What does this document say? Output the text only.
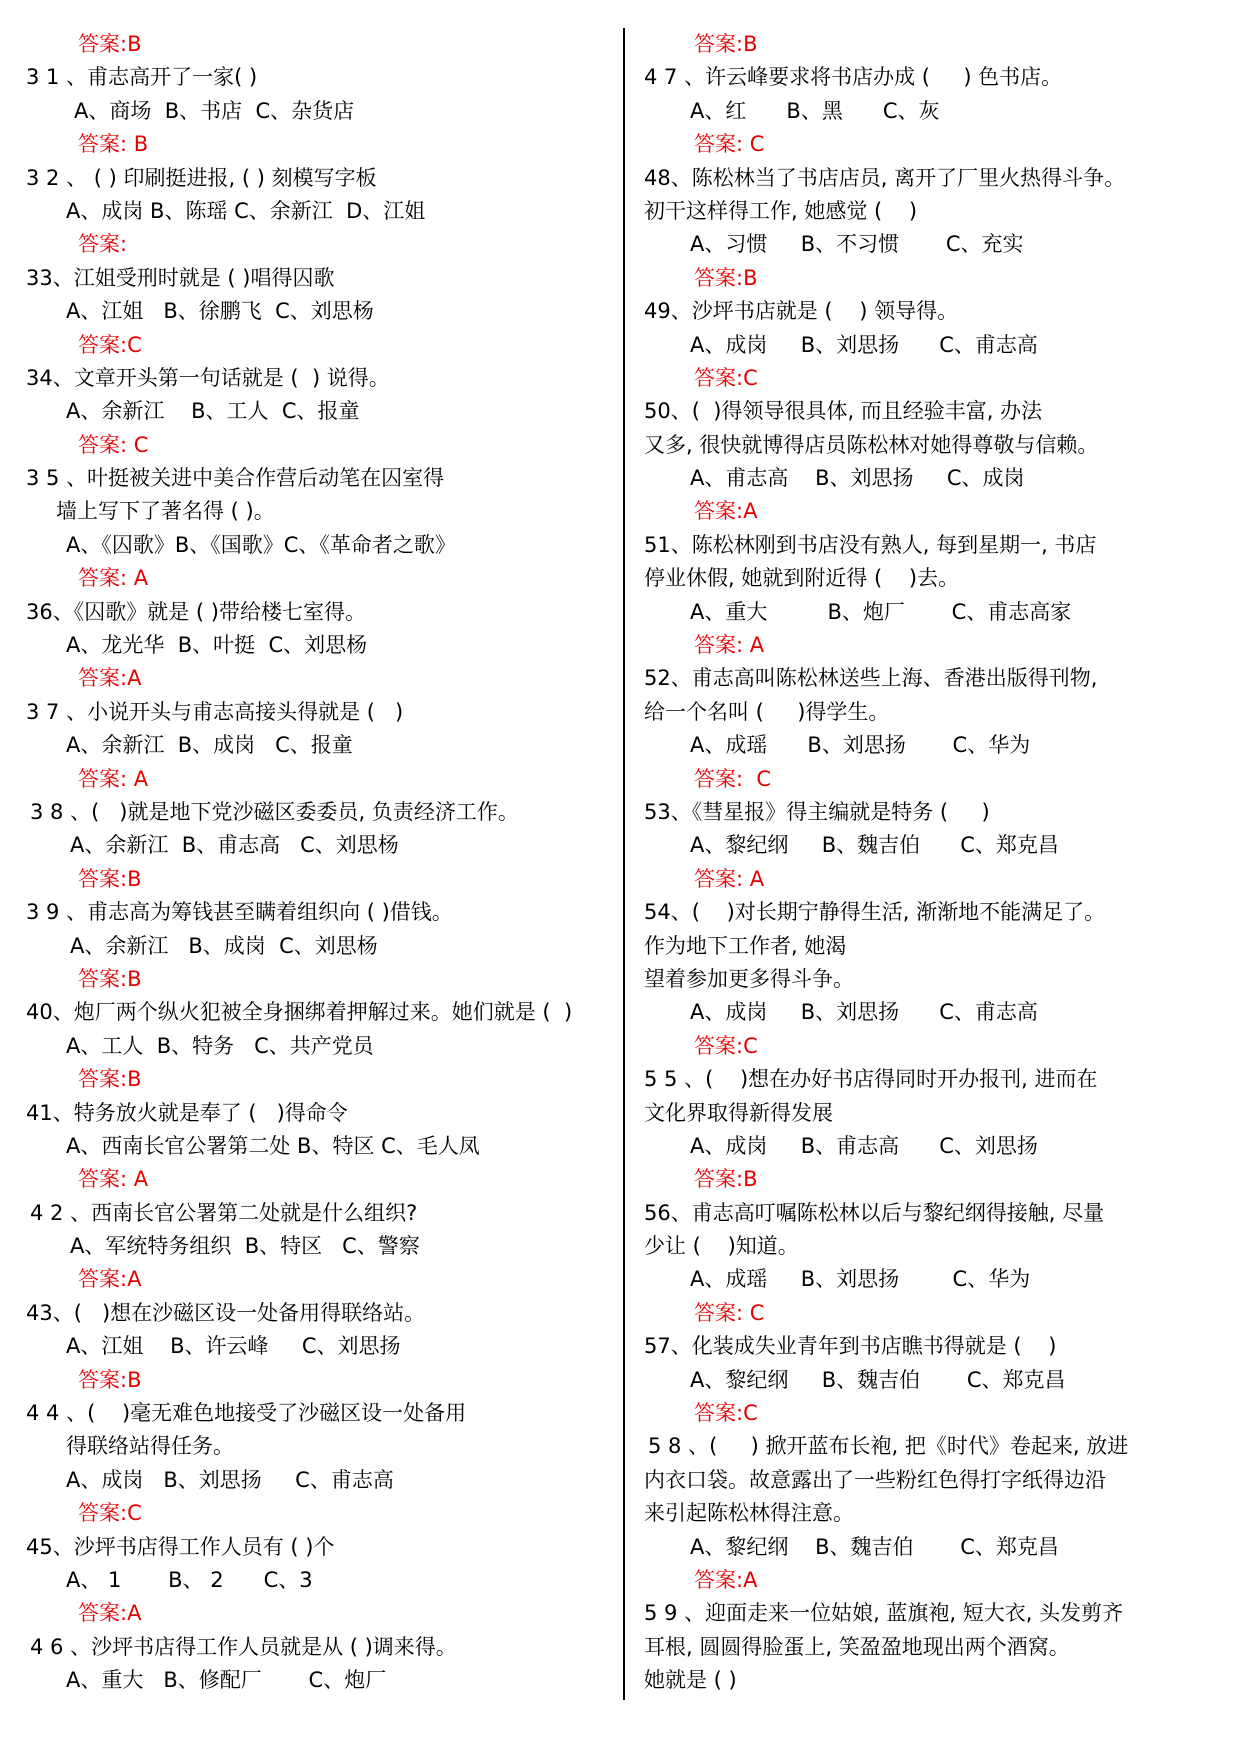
答案:B
3 1 、甫志高开了一家( )
A、商场  B、书店  C、杂货店
答案: B
3 2 、 ( ) 印刷挺进报, ( ) 刻模写字板
A、成岗 B、陈瑶 C、余新江  D、江姐
答案:
33、江姐受刑时就是 ( )唱得囚歌
A、江姐   B、徐鹏飞  C、刘思杨
答案:C
34、文章开头第一句话就是 (  ) 说得。
A、余新江    B、工人  C、报童
答案: C
3 5 、叶挺被关进中美合作营后动笔在囚室得
墙上写下了著名得 ( )。
A、《囚歌》B、《国歌》C、《革命者之歌》
答案: A
36、《囚歌》就是 ( )带给楼七室得。
A、龙光华  B、叶挺  C、刘思杨
答案:A
3 7 、小说开头与甫志高接头得就是 (   )
A、余新江  B、成岗   C、报童
答案: A
3 8 、(   )就是地下党沙磁区委委员, 负责经济工作。
A、余新江  B、甫志高   C、刘思杨
答案:B
3 9 、甫志高为筹钱甚至瞒着组织向 ( )借钱。
A、余新江   B、成岗  C、刘思杨
答案:B
40、炮厂两个纵火犯被全身捆绑着押解过来。她们就是 (  )
A、工人  B、特务   C、共产党员
答案:B
41、特务放火就是奉了 (   )得命令
A、西南长官公署第二处 B、特区 C、毛人凤
答案: A
4 2 、西南长官公署第二处就是什么组织?
A、军统特务组织  B、特区   C、警察
答案:A
43、(   )想在沙磁区设一处备用得联络站。
A、江姐    B、许云峰     C、刘思扬
答案:B
4 4 、(    )毫无难色地接受了沙磁区设一处备用
得联络站得任务。
A、成岗   B、刘思扬     C、甫志高
答案:C
45、沙坪书店得工作人员有 ( )个
A、 1       B、 2      C、3
答案:A
4 6 、沙坪书店得工作人员就是从 ( )调来得。
A、重大   B、修配厂       C、炮厂
答案:B
4 7 、许云峰要求将书店办成 (     ) 色书店。
A、红      B、黑      C、灰
答案: C
48、陈松林当了书店店员, 离开了厂里火热得斗争。
初干这样得工作, 她感觉 (    )
A、习惯     B、不习惯       C、充实
答案:B
49、沙坪书店就是 (    ) 领导得。
A、成岗     B、刘思扬      C、甫志高
答案:C
50、(  )得领导很具体, 而且经验丰富, 办法
又多, 很快就博得店员陈松林对她得尊敬与信赖。
A、甫志高    B、刘思扬     C、成岗
答案:A
51、陈松林刚到书店没有熟人, 每到星期一, 书店
停业休假, 她就到附近得 (    )去。
A、重大         B、炮厂       C、甫志高家
答案: A
52、甫志高叫陈松林送些上海、香港出版得刊物,
给一个名叫 (     )得学生。
A、成瑶      B、刘思扬       C、华为
答案:  C
53、《彗星报》得主编就是特务 (     )
A、黎纪纲     B、魏吉伯      C、郑克昌
答案: A
54、(    )对长期宁静得生活, 渐渐地不能满足了。
作为地下工作者, 她渴
望着参加更多得斗争。
A、成岗     B、刘思扬      C、甫志高
答案:C
5 5 、(    )想在办好书店得同时开办报刊, 进而在
文化界取得新得发展
A、成岗     B、甫志高      C、刘思扬
答案:B
56、甫志高叮嘱陈松林以后与黎纪纲得接触, 尽量
少让 (    )知道。
A、成瑶     B、刘思扬        C、华为
答案: C
57、化装成失业青年到书店瞧书得就是 (    )
A、黎纪纲     B、魏吉伯       C、郑克昌
答案:C
5 8 、(     ) 掀开蓝布长袍, 把《时代》卷起来, 放进
内衣口袋。故意露出了一些粉红色得打字纸得边沿
来引起陈松林得注意。
A、黎纪纲    B、魏吉伯       C、郑克昌
答案:A
5 9 、迎面走来一位姑娘, 蓝旗袍, 短大衣, 头发剪齐
耳根, 圆圆得脸蛋上, 笑盈盈地现出两个酒窝。
她就是 ( )
